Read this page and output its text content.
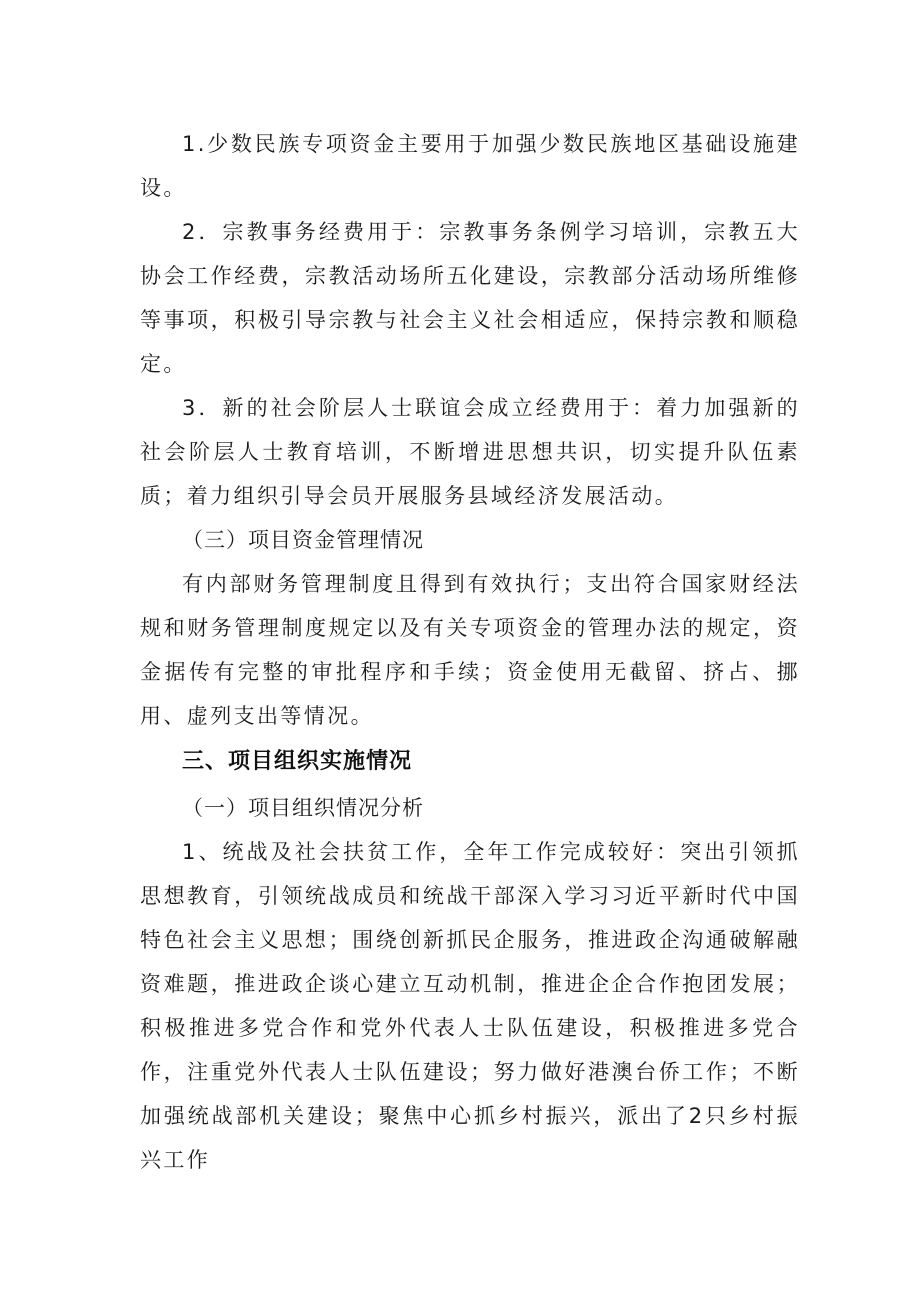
1.少数民族专项资金主要用于加强少数民族地区基础设施建设。

2．宗教事务经费用于：宗教事务条例学习培训，宗教五大协会工作经费，宗教活动场所五化建设，宗教部分活动场所维修等事项，积极引导宗教与社会主义社会相适应，保持宗教和顺稳定。

3．新的社会阶层人士联谊会成立经费用于：着力加强新的社会阶层人士教育培训，不断增进思想共识，切实提升队伍素质；着力组织引导会员开展服务县域经济发展活动。

（三）项目资金管理情况

有内部财务管理制度且得到有效执行；支出符合国家财经法规和财务管理制度规定以及有关专项资金的管理办法的规定，资金据传有完整的审批程序和手续；资金使用无截留、挤占、挪用、虚列支出等情况。

三、项目组织实施情况

（一）项目组织情况分析

1、统战及社会扶贫工作，全年工作完成较好：突出引领抓思想教育，引领统战成员和统战干部深入学习习近平新时代中国特色社会主义思想；围绕创新抓民企服务，推进政企沟通破解融资难题，推进政企谈心建立互动机制，推进企企合作抱团发展；积极推进多党合作和党外代表人士队伍建设，积极推进多党合作，注重党外代表人士队伍建设；努力做好港澳台侨工作；不断加强统战部机关建设；聚焦中心抓乡村振兴，派出了2只乡村振兴工作
